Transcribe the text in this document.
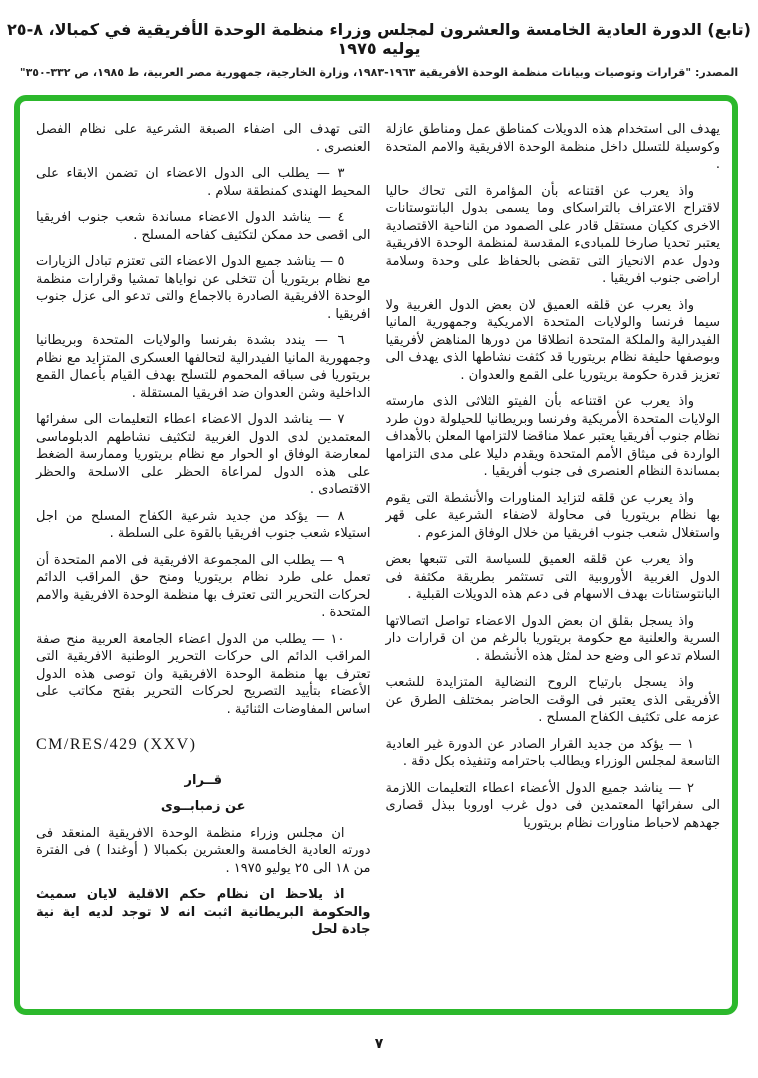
(تابع) الدورة العادية الخامسة والعشرون لمجلس وزراء منظمة الوحدة الأفريقية في كمبالا، ٨-٢٥ يوليه ١٩٧٥
المصدر: "قرارات وتوصيات وبيانات منظمة الوحدة الأفريقية ١٩٦٣-١٩٨٣، وزارة الخارجية، جمهورية مصر العربية، ط ١٩٨٥، ص ٣٣٢-٣٥٠"

يهدف الى استخدام هذه الدويلات كمناطق عمل ومناطق عازلة وكوسيلة للتسلل داخل منظمة الوحدة الافريقية والامم المتحدة .

واذ يعرب عن اقتناعه بأن المؤامرة التى تحاك حاليا لاقتراح الاعتراف بالتراسكاى وما يسمى بدول البانتوستانات الاخرى ككيان مستقل قادر على الصمود من الناحية الاقتصادية يعتبر تحديا صارخا للمبادىء المقدسة لمنظمة الوحدة الافريقية ودول عدم الانحياز التى تقضى بالحفاظ على وحدة وسلامة اراضى جنوب افريقيا .

واذ يعرب عن قلقه العميق لان بعض الدول الغربية ولا سيما فرنسا والولايات المتحدة الامريكية وجمهورية المانيا الفيدرالية والملكة المتحدة انطلاقا من دورها المناهض لأفريقيا وبوصفها حليفة نظام بريتوريا قد كثفت نشاطها الذى يهدف الى تعزيز قدرة حكومة بريتوريا على القمع والعدوان .

واذ يعرب عن اقتناعه بأن الفيتو الثلاثى الذى مارسته الولايات المتحدة الأمريكية وفرنسا وبريطانيا للحيلولة دون طرد نظام جنوب أفريقيا يعتبر عملا مناقضا لالتزامها المعلن بالأهداف الواردة فى ميثاق الأمم المتحدة ويقدم دليلا على مدى التزامها بمساندة النظام العنصرى فى جنوب أفريقيا .

واذ يعرب عن قلقه لتزايد المناورات والأنشطة التى يقوم بها نظام بريتوريا فى محاولة لاضفاء الشرعية على قهر واستغلال شعب جنوب افريقيا من خلال الوفاق المزعوم .

واذ يعرب عن قلقه العميق للسياسة التى تتبعها بعض الدول الغربية الأوروبية التى تستثمر بطريقة مكثفة فى البانتوستانات بهدف الاسهام فى دعم هذه الدويلات القبلية .

واذ يسجل بقلق ان بعض الدول الاعضاء تواصل اتصالاتها السرية والعلنية مع حكومة بريتوريا بالرغم من ان قرارات دار السلام تدعو الى وضع حد لمثل هذه الأنشطة .

واذ يسجل بارتياح الروح النضالية المتزايدة للشعب الأفريقى الذى يعتبر فى الوقت الحاضر بمختلف الطرق عن عزمه على تكثيف الكفاح المسلح .

١ — يؤكد من جديد القرار الصادر عن الدورة غير العادية التاسعة لمجلس الوزراء ويطالب باحترامه وتنفيذه بكل دقة .

٢ — يناشد جميع الدول الأعضاء اعطاء التعليمات اللازمة الى سفرائها المعتمدين فى دول غرب اوروبا ببذل قصارى جهدهم لاحباط مناورات نظام بريتوريا

التى تهدف الى اضفاء الصبغة الشرعية على نظام الفصل العنصرى .

٣ — يطلب الى الدول الاعضاء ان تضمن الابقاء على المحيط الهندى كمنطقة سلام .

٤ — يناشد الدول الاعضاء مساندة شعب جنوب افريقيا الى اقصى حد ممكن لتكثيف كفاحه المسلح .

٥ — يناشد جميع الدول الاعضاء التى تعتزم تبادل الزيارات مع نظام بريتوريا أن تتخلى عن نواياها تمشيا وقرارات منظمة الوحدة الافريقية الصادرة بالاجماع والتى تدعو الى عزل جنوب افريقيا .

٦ — يندد بشدة بفرنسا والولايات المتحدة وبريطانيا وجمهورية المانيا الفيدرالية لتحالفها العسكرى المتزايد مع نظام بريتوريا فى سباقه المحموم للتسلح بهدف القيام بأعمال القمع الداخلية وشن العدوان ضد افريقيا المستقلة .

٧ — يناشد الدول الاعضاء اعطاء التعليمات الى سفرائها المعتمدين لدى الدول الغربية لتكثيف نشاطهم الدبلوماسى لمعارضة الوفاق او الحوار مع نظام بريتوريا وممارسة الضغط على هذه الدول لمراعاة الحظر على الاسلحة والحظر الاقتصادى .

٨ — يؤكد من جديد شرعية الكفاح المسلح من اجل استيلاء شعب جنوب افريقيا بالقوة على السلطة .

٩ — يطلب الى المجموعة الافريقية فى الامم المتحدة أن تعمل على طرد نظام بريتوريا ومنح حق المراقب الدائم لحركات التحرير التى تعترف بها منظمة الوحدة الافريقية والامم المتحدة .

١٠ — يطلب من الدول اعضاء الجامعة العربية منح صفة المراقب الدائم الى حركات التحرير الوطنية الافريقية التى تعترف بها منظمة الوحدة الافريقية وان توصى هذه الدول الأعضاء بتأييد التصريح لحركات التحرير بفتح مكاتب على اساس المفاوضات الثنائية .

CM/RES/429 (XXV)

قــرار

عن زمبابــوى

ان مجلس وزراء منظمة الوحدة الافريقية المنعقد فى دورته العادية الخامسة والعشرين بكمبالا ( أوغندا ) فى الفترة من ١٨ الى ٢٥ يوليو ١٩٧٥ .

اذ يلاحظ ان نظام حكم الاقلية لايان سميث والحكومة البريطانية اثبت انه لا توجد لديه اية نية جادة لحل

٧
